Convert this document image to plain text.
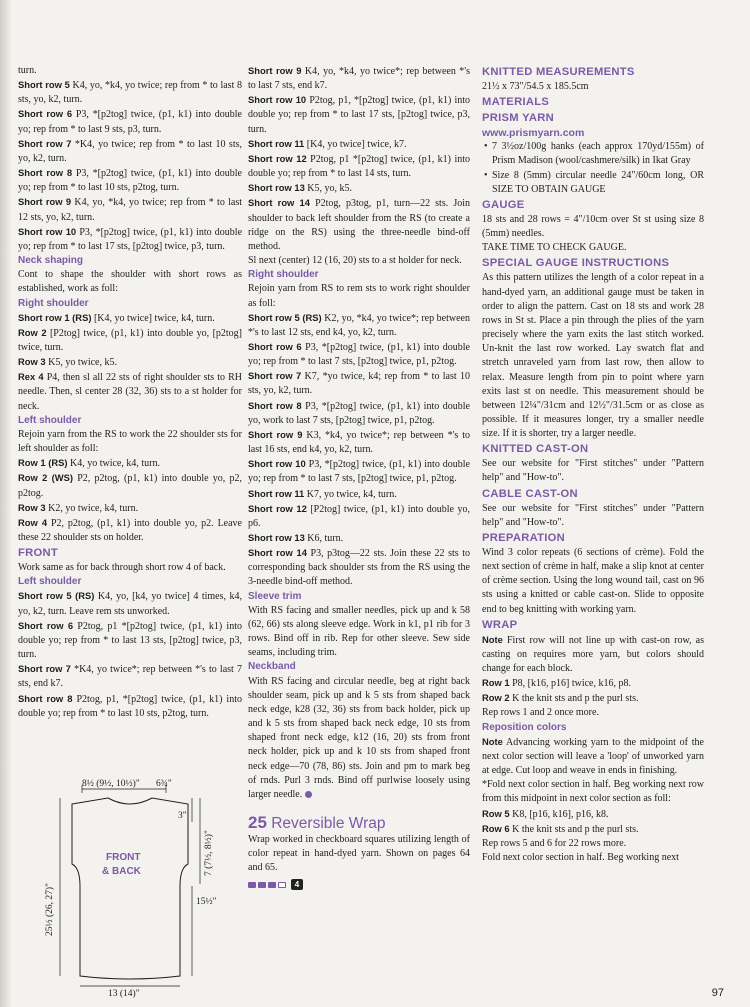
turn.

Short row 5 K4, yo, *k4, yo twice; rep from * to last 8 sts, yo, k2, turn.

Short row 6 P3, *[p2tog] twice, (p1, k1) into double yo; rep from * to last 9 sts, p3, turn.

Short row 7 *K4, yo twice; rep from * to last 10 sts, yo, k2, turn.

Short row 8 P3, *[p2tog] twice, (p1, k1) into double yo; rep from * to last 10 sts, p2tog, turn.

Short row 9 K4, yo, *k4, yo twice; rep from * to last 12 sts, yo, k2, turn.

Short row 10 P3, *[p2tog] twice, (p1, k1) into double yo; rep from * to last 17 sts, [p2tog] twice, p3, turn.

Neck shaping

Cont to shape the shoulder with short rows as established, work as foll:

Right shoulder

Short row 1 (RS) [K4, yo twice] twice, k4, turn.

Row 2 [P2tog] twice, (p1, k1) into double yo, [p2tog] twice, turn.

Row 3 K5, yo twice, k5.

Rex 4 P4, then sl all 22 sts of right shoulder sts to RH needle. Then, sl center 28 (32, 36) sts to a st holder for neck.

Left shoulder

Rejoin yarn from the RS to work the 22 shoulder sts for left shoulder as foll:

Row 1 (RS) K4, yo twice, k4, turn.

Row 2 (WS) P2, p2tog, (p1, k1) into double yo, p2, p2tog.

Row 3 K2, yo twice, k4, turn.

Row 4 P2, p2tog, (p1, k1) into double yo, p2. Leave these 22 shoulder sts on holder.

FRONT

Work same as for back through short row 4 of back.

Left shoulder

Short row 5 (RS) K4, yo, [k4, yo twice] 4 times, k4, yo, k2, turn. Leave rem sts unworked.

Short row 6 P2tog, p1 *[p2tog] twice, (p1, k1) into double yo; rep from * to last 13 sts, [p2tog] twice, p3, turn.

Short row 7 *K4, yo twice*; rep between *'s to last 7 sts, end k7.

Short row 8 P2tog, p1, *[p2tog] twice, (p1, k1) into double yo; rep from * to last 10 sts, p2tog, turn.

Short row 9 K4, yo, *k4, yo twice*; rep between *'s to last 7 sts, end k7.

Short row 10 P2tog, p1, *[p2tog] twice, (p1, k1) into double yo; rep from * to last 17 sts, [p2tog] twice, p3, turn.

Short row 11 [K4, yo twice] twice, k7.

Short row 12 P2tog, p1 *[p2tog] twice, (p1, k1) into double yo; rep from * to last 14 sts, turn.

Short row 13 K5, yo, k5.

Short row 14 P2tog, p3tog, p1, turn—22 sts. Join shoulder to back left shoulder from the RS (to create a ridge on the RS) using the three-needle bind-off method.

Sl next (center) 12 (16, 20) sts to a st holder for neck.

Right shoulder

Rejoin yarn from RS to rem sts to work right shoulder as foll:

Short row 5 (RS) K2, yo, *k4, yo twice*; rep between *'s to last 12 sts, end k4, yo, k2, turn.

Short row 6 P3, *[p2tog] twice, (p1, k1) into double yo; rep from * to last 7 sts, [p2tog] twice, p1, p2tog.

Short row 7 K7, *yo twice, k4; rep from * to last 10 sts, yo, k2, turn.

Short row 8 P3, *[p2tog] twice, (p1, k1) into double yo, work to last 7 sts, [p2tog] twice, p1, p2tog.

Short row 9 K3, *k4, yo twice*; rep between *'s to last 16 sts, end k4, yo, k2, turn.

Short row 10 P3, *[p2tog] twice, (p1, k1) into double yo; rep from * to last 7 sts, [p2tog] twice, p1, p2tog.

Short row 11 K7, yo twice, k4, turn.

Short row 12 [P2tog] twice, (p1, k1) into double yo, p6.

Short row 13 K6, turn.

Short row 14 P3, p3tog—22 sts. Join these 22 sts to corresponding back shoulder sts from the RS using the 3-needle bind-off method.

Sleeve trim

With RS facing and smaller needles, pick up and k 58 (62, 66) sts along sleeve edge. Work in k1, p1 rib for 3 rows. Bind off in rib. Rep for other sleeve. Sew side seams, including trim.

Neckband

With RS facing and circular needle, beg at right back shoulder seam, pick up and k 5 sts from shaped back neck edge, k28 (32, 36) sts from back holder, pick up and k 5 sts from shaped back neck edge, 10 sts from shaped front neck edge, k12 (16, 20) sts from front neck holder, pick up and k 10 sts from shaped front neck edge—70 (78, 86) sts. Join and pm to mark beg of rnds. Purl 3 rnds. Bind off purlwise loosely using larger needle.

25 Reversible Wrap

Wrap worked in checkboard squares utilizing length of color repeat in hand-dyed yarn. Shown on pages 64 and 65.

4

KNITTED MEASUREMENTS

21½ x 73"/54.5 x 185.5cm

MATERIALS

PRISM YARN

www.prismyarn.com

• 7 3½oz/100g hanks (each approx 170yd/155m) of Prism Madison (wool/cashmere/silk) in Ikat Gray
• Size 8 (5mm) circular needle 24"/60cm long, OR SIZE TO OBTAIN GAUGE

GAUGE

18 sts and 28 rows = 4"/10cm over St st using size 8 (5mm) needles.

TAKE TIME TO CHECK GAUGE.

SPECIAL GAUGE INSTRUCTIONS

As this pattern utilizes the length of a color repeat in a hand-dyed yarn, an additional gauge must be taken in order to align the pattern. Cast on 18 sts and work 28 rows in St st. Place a pin through the plies of the yarn precisely where the yarn exits the last stitch worked. Un-knit the last row worked. Lay swatch flat and stretch unraveled yarn from last row, then allow to relax. Measure length from pin to point where yarn exits last st on needle. This measurement should be between 12¼"/31cm and 12½"/31.5cm or as close as possible. If it measures longer, try a smaller needle size. If it is shorter, try a larger needle.

KNITTED CAST-ON

See our website for "First stitches" under "Pattern help" and "How-to".

CABLE CAST-ON

See our website for "First stitches" under "Pattern help" and "How-to".

PREPARATION

Wind 3 color repeats (6 sections of crème). Fold the next section of crème in half, make a slip knot at center of crème section. Using the long wound tail, cast on 96 sts using a knitted or cable cast-on. Slide to opposite end to beg knitting with working yarn.

WRAP

Note First row will not line up with cast-on row, as casting on requires more yarn, but colors should change for each block.

Row 1 P8, [k16, p16] twice, k16, p8.

Row 2 K the knit sts and p the purl sts.

Rep rows 1 and 2 once more.

Reposition colors

Note Advancing working yarn to the midpoint of the next color section will leave a 'loop' of unworked yarn at edge. Cut loop and weave in ends in finishing.

*Fold next color section in half. Beg working next row from this midpoint in next color section as foll:

Row 5 K8, [p16, k16], p16, k8.

Row 6 K the knit sts and p the purl sts.

Rep rows 5 and 6 for 22 rows more.

Fold next color section in half. Beg working next

8½ (9½, 10½)" 6¾"
3"
7 (7½, 8½)"
15½"
25½ (26, 27)"
13 (14)"
FRONT
& BACK
97
